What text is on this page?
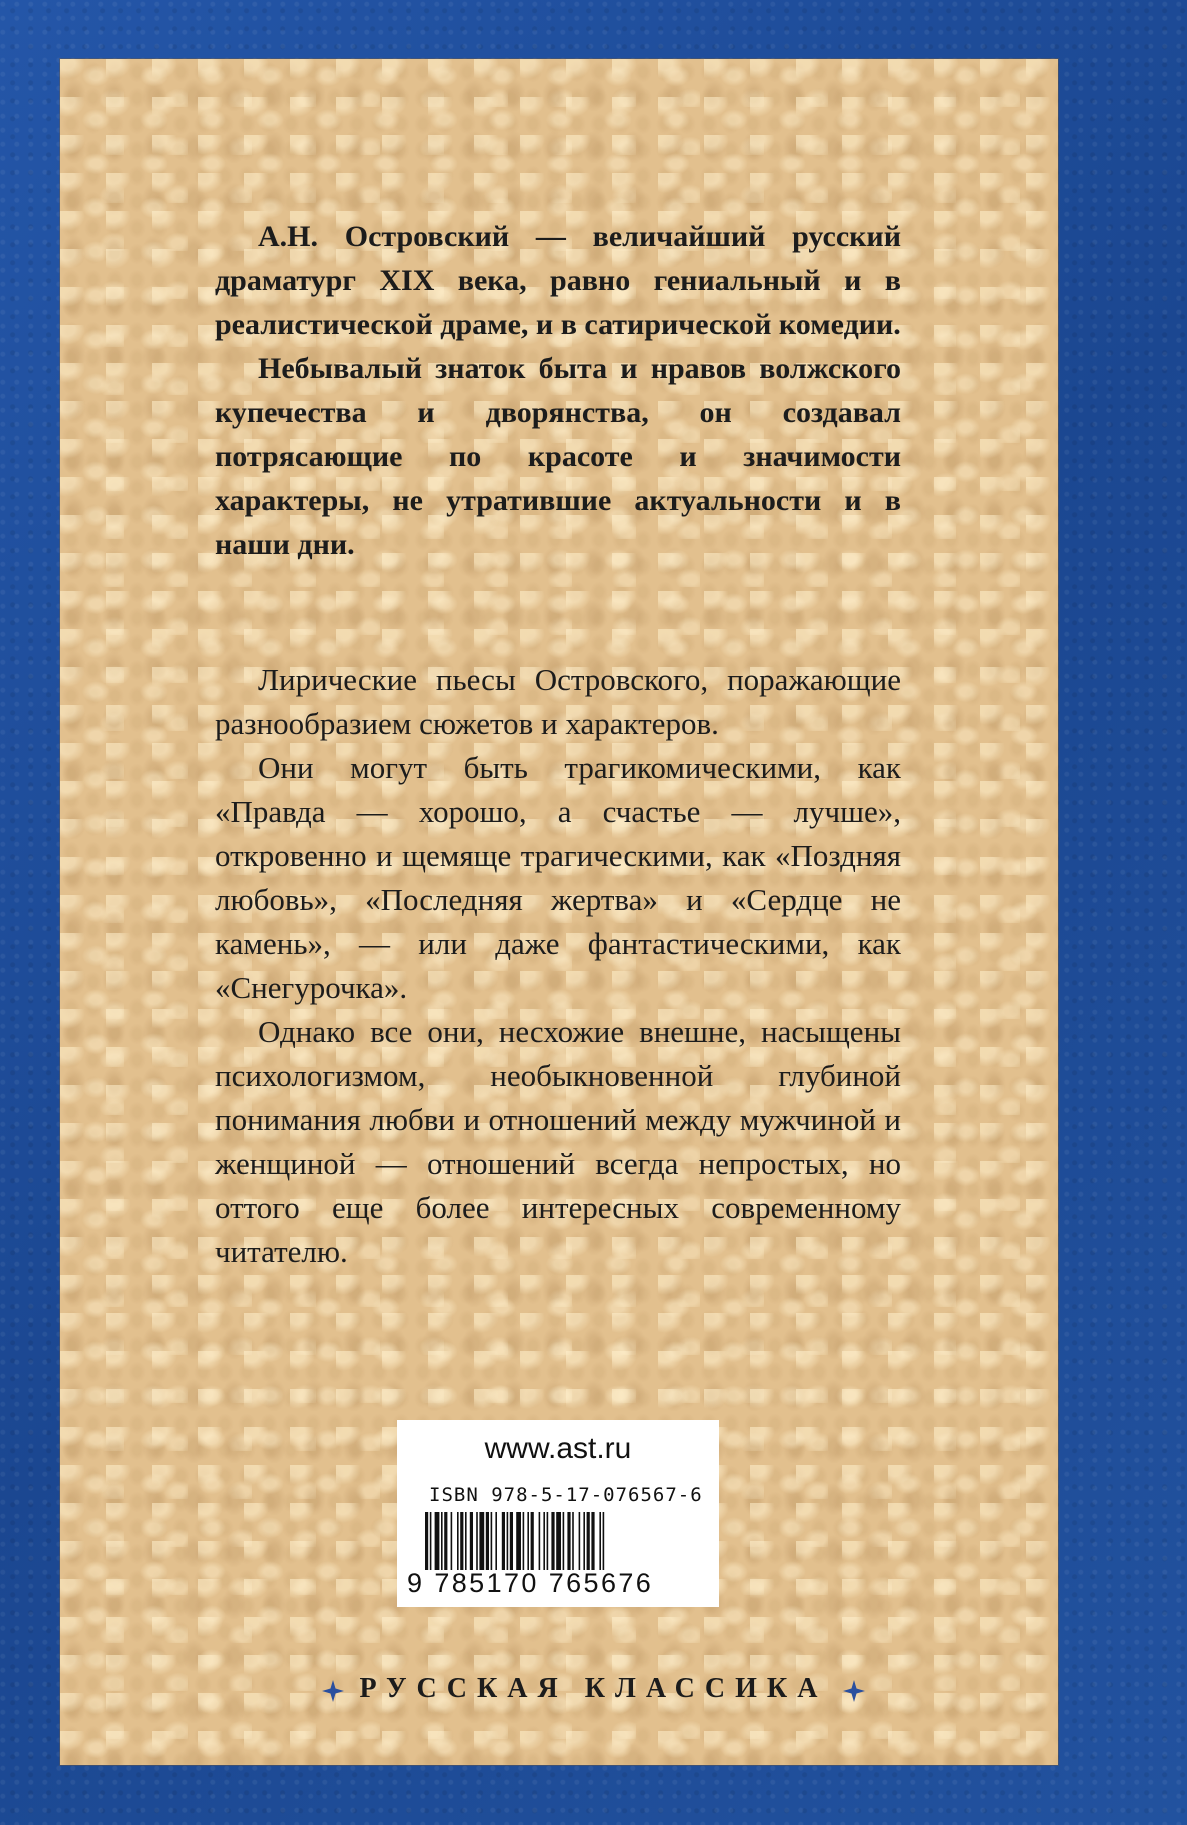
А.Н. Островский — величайший русский драматург XIX века, равно гениальный и в реалистической драме, и в сатирической комедии.

Небывалый знаток быта и нравов волжского купечества и дворянства, он создавал потрясающие по красоте и значимости характеры, не утратившие актуальности и в наши дни.

Лирические пьесы Островского, поражающие разнообразием сюжетов и характеров.

Они могут быть трагикомическими, как «Правда — хорошо, а счастье — лучше», откровенно и щемяще трагическими, как «Поздняя любовь», «Последняя жертва» и «Сердце не камень», — или даже фантастическими, как «Снегурочка».

Однако все они, несхожие внешне, насыщены психологизмом, необыкновенной глубиной понимания любви и отношений между мужчиной и женщиной — отношений всегда непростых, но оттого еще более интересных современному читателю.

www.ast.ru
ISBN 978-5-17-076567-6
9 785170 765676
РУССКАЯ КЛАССИКА
